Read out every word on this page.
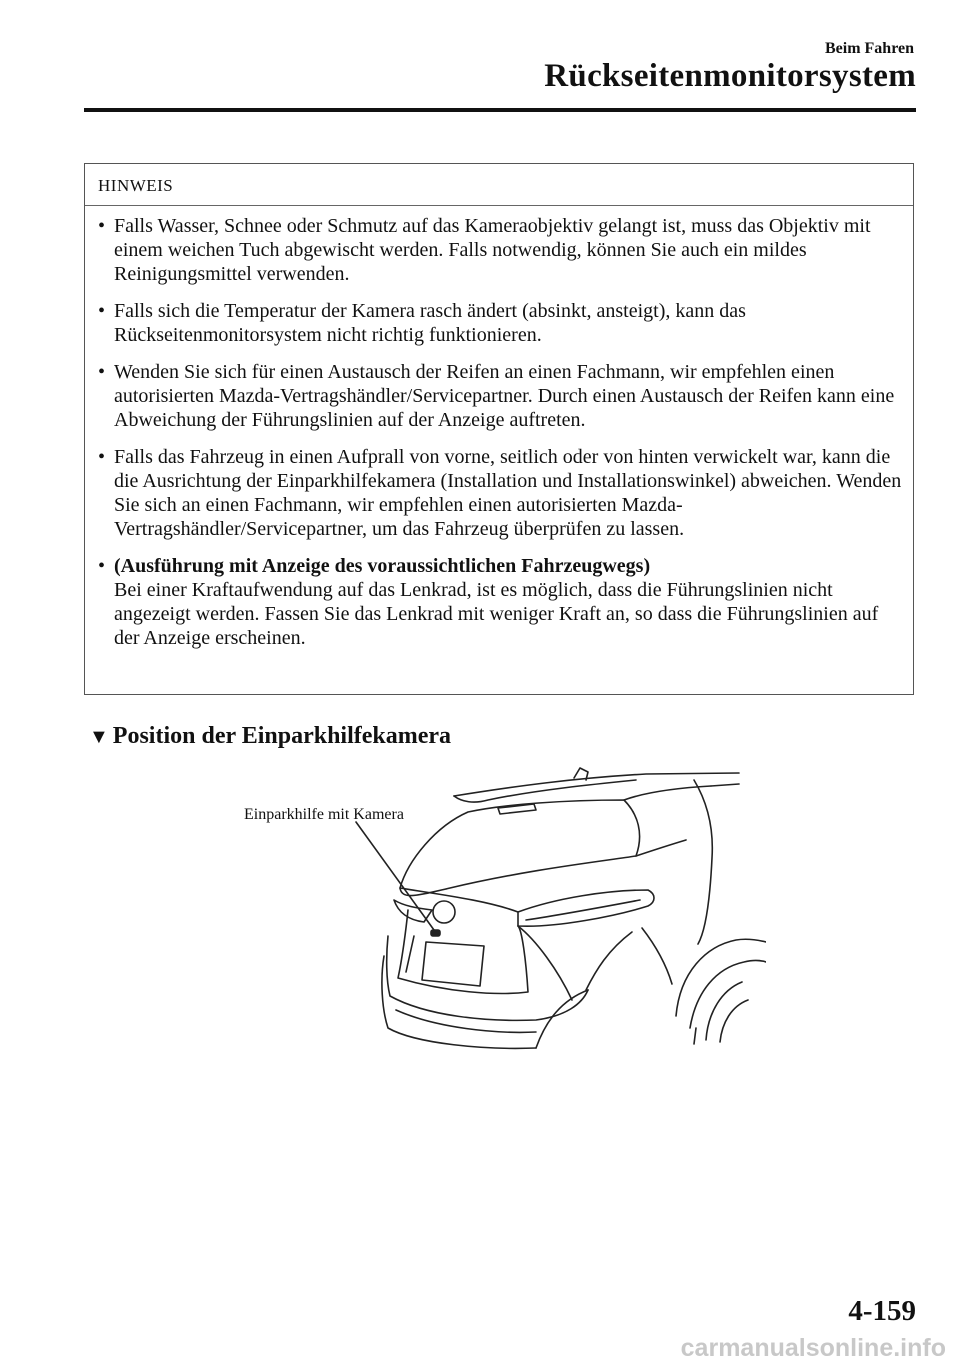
Beim Fahren
Rückseitenmonitorsystem
HINWEIS
• Falls Wasser, Schnee oder Schmutz auf das Kameraobjektiv gelangt ist, muss das Objektiv mit einem weichen Tuch abgewischt werden. Falls notwendig, können Sie auch ein mildes Reinigungsmittel verwenden.
• Falls sich die Temperatur der Kamera rasch ändert (absinkt, ansteigt), kann das Rückseitenmonitorsystem nicht richtig funktionieren.
• Wenden Sie sich für einen Austausch der Reifen an einen Fachmann, wir empfehlen einen autorisierten Mazda-Vertragshändler/Servicepartner. Durch einen Austausch der Reifen kann eine Abweichung der Führungslinien auf der Anzeige auftreten.
• Falls das Fahrzeug in einen Aufprall von vorne, seitlich oder von hinten verwickelt war, kann die die Ausrichtung der Einparkhilfekamera (Installation und Installationswinkel) abweichen. Wenden Sie sich an einen Fachmann, wir empfehlen einen autorisierten Mazda-Vertragshändler/Servicepartner, um das Fahrzeug überprüfen zu lassen.
• (Ausführung mit Anzeige des voraussichtlichen Fahrzeugwegs)
Bei einer Kraftaufwendung auf das Lenkrad, ist es möglich, dass die Führungslinien nicht angezeigt werden. Fassen Sie das Lenkrad mit weniger Kraft an, so dass die Führungslinien auf der Anzeige erscheinen.
▼ Position der Einparkhilfekamera
Einparkhilfe mit Kamera
4-159
carmanualsonline.info
